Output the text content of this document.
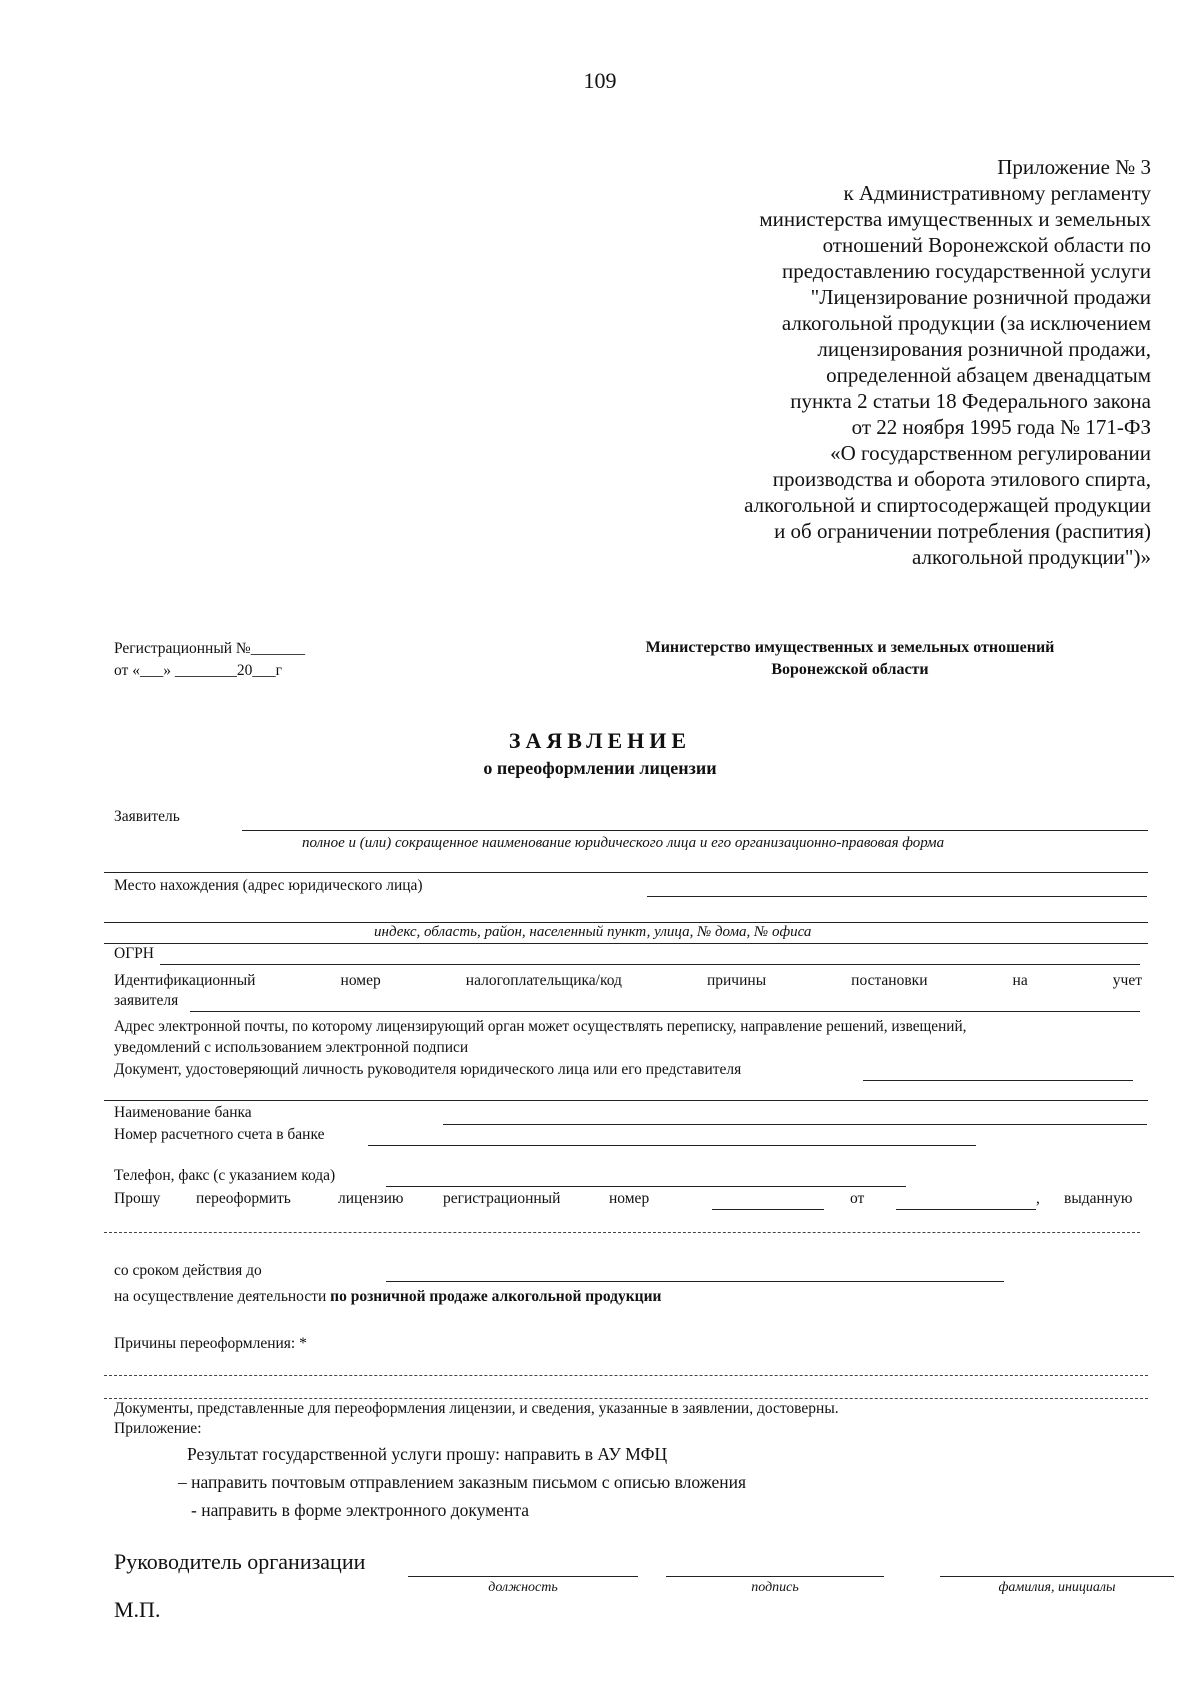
109
Приложение № 3
к Административному регламенту
министерства имущественных и земельных
отношений Воронежской области по
предоставлению государственной услуги
"Лицензирование розничной продажи
алкогольной продукции (за исключением
лицензирования розничной продажи,
определенной абзацем двенадцатым
пункта 2 статьи 18 Федерального закона
от 22 ноября 1995 года № 171-ФЗ
«О государственном регулировании
производства и оборота этилового спирта,
алкогольной и спиртосодержащей продукции
и об ограничении потребления (распития)
алкогольной продукции")»
Регистрационный №_______
от «___» ________20___г
Министерство имущественных и земельных отношений
Воронежской области
ЗАЯВЛЕНИЕ
о переоформлении лицензии
Заявитель
полное и (или) сокращенное наименование юридического лица и его организационно-правовая форма
Место нахождения (адрес юридического лица)
индекс, область, район, населенный пункт, улица, № дома, № офиса
ОГРН
Идентификационный	номер	налогоплательщика/код	причины	постановки	на	учет
заявителя
Адрес электронной почты, по которому лицензирующий орган может осуществлять переписку, направление решений, извещений,
уведомлений с использованием электронной подписи
Документ, удостоверяющий личность руководителя юридического лица или его представителя
Наименование банка
Номер расчетного счета в банке
Телефон, факс (с указанием кода)
Прошу переоформить	лицензию	регистрационный	номер	от	, выданную
со сроком действия до
на осуществление деятельности по розничной продаже алкогольной продукции
Причины переоформления: *
Документы, представленные для переоформления лицензии, и сведения, указанные в заявлении, достоверны.
Приложение:
Результат государственной услуги прошу: направить в АУ МФЦ
– направить почтовым отправлением заказным письмом с описью вложения
- направить в форме электронного документа
Руководитель организации
должность	подпись	фамилия, инициалы
М.П.
